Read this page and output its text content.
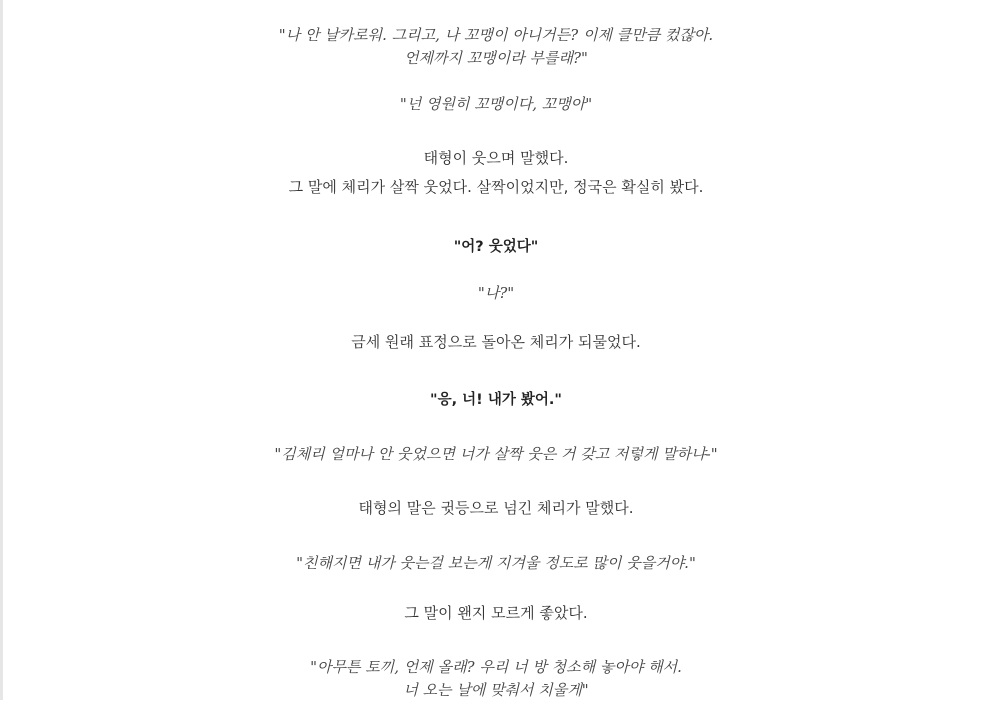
"나 안 날카로워. 그리고, 나 꼬맹이 아니거든? 이제 클만큼 컸잖아.
언제까지 꼬맹이라 부를래?"
"넌 영원히 꼬맹이다, 꼬맹아"
태형이 웃으며 말했다.
그 말에 체리가 살짝 웃었다. 살짝이었지만, 정국은 확실히 봤다.
"어? 웃었다"
"나?"
금세 원래 표정으로 돌아온 체리가 되물었다.
"응, 너! 내가 봤어."
"김체리 얼마나 안 웃었으면 너가 살짝 웃은 거 갖고 저렇게 말하냐-"
태형의 말은 귓등으로 넘긴 체리가 말했다.
"친해지면 내가 웃는걸 보는게 지겨울 정도로 많이 웃을거야."
그 말이 왠지 모르게 좋았다.
"아무튼 토끼, 언제 올래? 우리 너 방 청소해 놓아야 해서.
너 오는 날에 맞춰서 치울게"
